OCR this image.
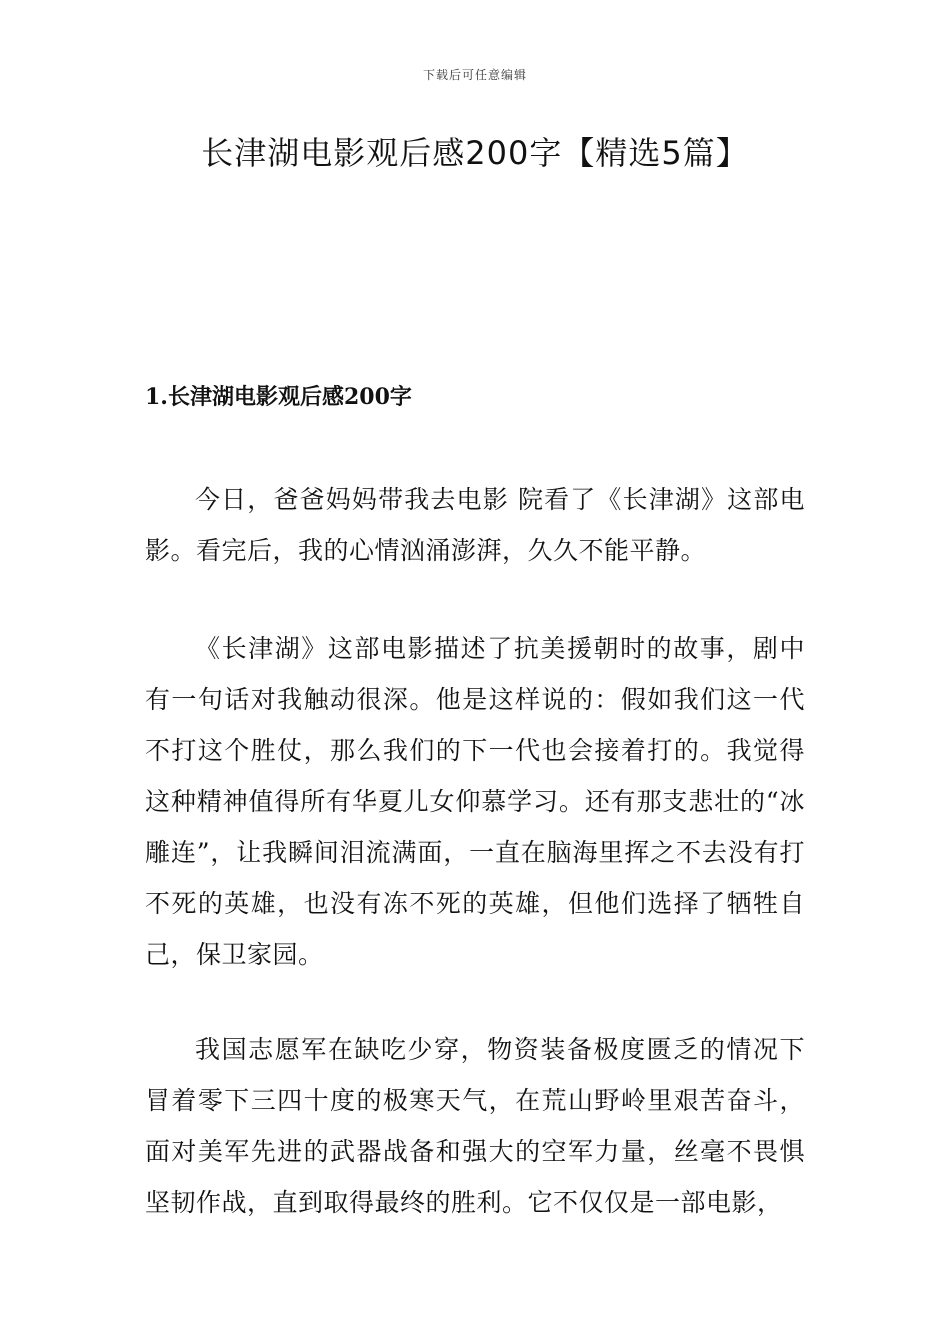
下载后可任意编辑
长津湖电影观后感200字【精选5篇】
1.长津湖电影观后感200字

今日，爸爸妈妈带我去电影 院看了《长津湖》这部电影。看完后，我的心情汹涌澎湃，久久不能平静。

《长津湖》这部电影描述了抗美援朝时的故事，剧中有一句话对我触动很深。他是这样说的：假如我们这一代不打这个胜仗，那么我们的下一代也会接着打的。我觉得这种精神值得所有华夏儿女仰慕学习。还有那支悲壮的“冰雕连”，让我瞬间泪流满面，一直在脑海里挥之不去没有打不死的英雄，也没有冻不死的英雄，但他们选择了牺牲自己，保卫家园。

我国志愿军在缺吃少穿，物资装备极度匮乏的情况下冒着零下三四十度的极寒天气，在荒山野岭里艰苦奋斗，面对美军先进的武器战备和强大的空军力量，丝毫不畏惧坚韧作战，直到取得最终的胜利。它不仅仅是一部电影，
